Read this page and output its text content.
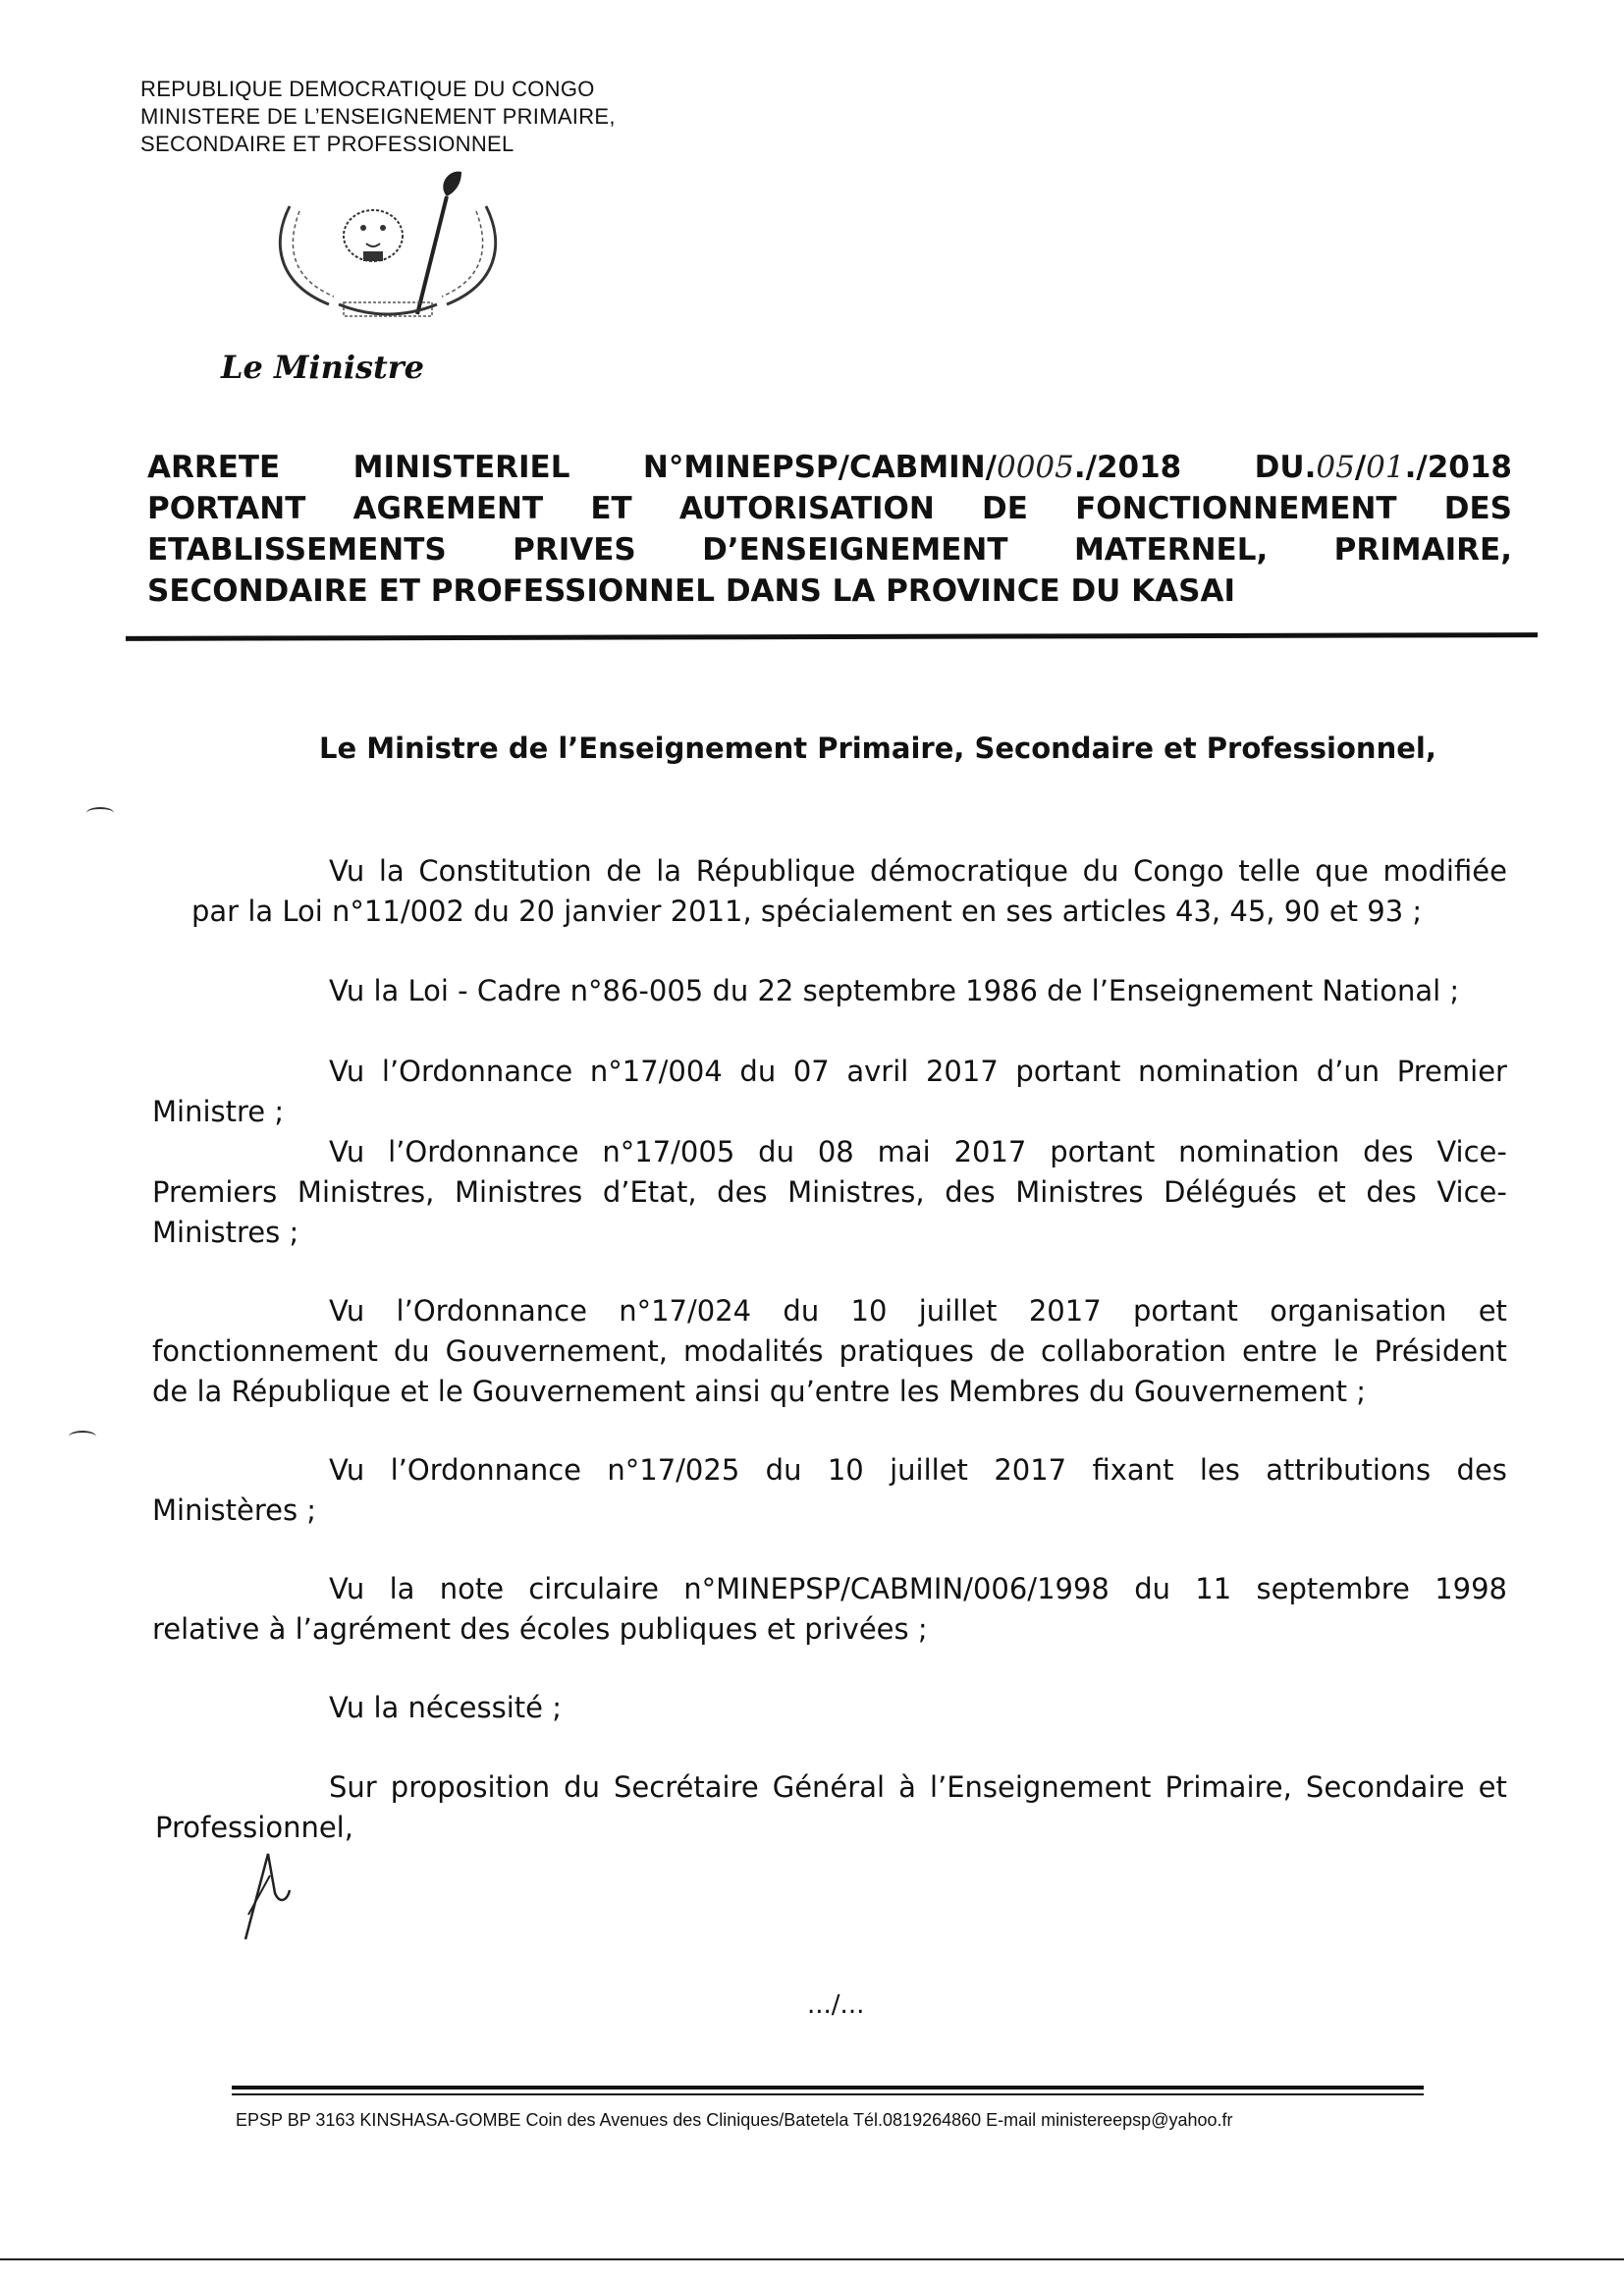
REPUBLIQUE DEMOCRATIQUE DU CONGO
MINISTERE DE L’ENSEIGNEMENT PRIMAIRE,
SECONDAIRE ET PROFESSIONNEL
Le Ministre
ARRETE MINISTERIEL N°MINEPSP/CABMIN/0005./2018 DU.05/01./2018
PORTANT AGREMENT ET AUTORISATION DE FONCTIONNEMENT DES
ETABLISSEMENTS PRIVES D’ENSEIGNEMENT MATERNEL, PRIMAIRE,
SECONDAIRE ET PROFESSIONNEL DANS LA PROVINCE DU KASAI
Le Ministre de l’Enseignement Primaire, Secondaire et Professionnel,
Vu la Constitution de la République démocratique du Congo telle que modifiée
par la Loi n°11/002 du 20 janvier 2011, spécialement en ses articles 43, 45, 90 et 93 ;
Vu la Loi - Cadre n°86-005 du 22 septembre 1986 de l’Enseignement National ;
Vu l’Ordonnance n°17/004 du 07 avril 2017 portant nomination d’un Premier
Ministre ;
Vu l’Ordonnance n°17/005 du 08 mai 2017 portant nomination des Vice-
Premiers Ministres, Ministres d’Etat, des Ministres, des Ministres Délégués et des Vice-
Ministres ;
Vu l’Ordonnance n°17/024 du 10 juillet 2017 portant organisation et
fonctionnement du Gouvernement, modalités pratiques de collaboration entre le Président
de la République et le Gouvernement ainsi qu’entre les Membres du Gouvernement ;
Vu l’Ordonnance n°17/025 du 10 juillet 2017 fixant les attributions des
Ministères ;
Vu la note circulaire n°MINEPSP/CABMIN/006/1998 du 11 septembre 1998
relative à l’agrément des écoles publiques et privées ;
Vu la nécessité ;
Sur proposition du Secrétaire Général à l’Enseignement Primaire, Secondaire et
Professionnel,
.../...
EPSP BP 3163 KINSHASA-GOMBE Coin des Avenues des Cliniques/Batetela Tél.0819264860 E-mail ministereepsp@yahoo.fr
